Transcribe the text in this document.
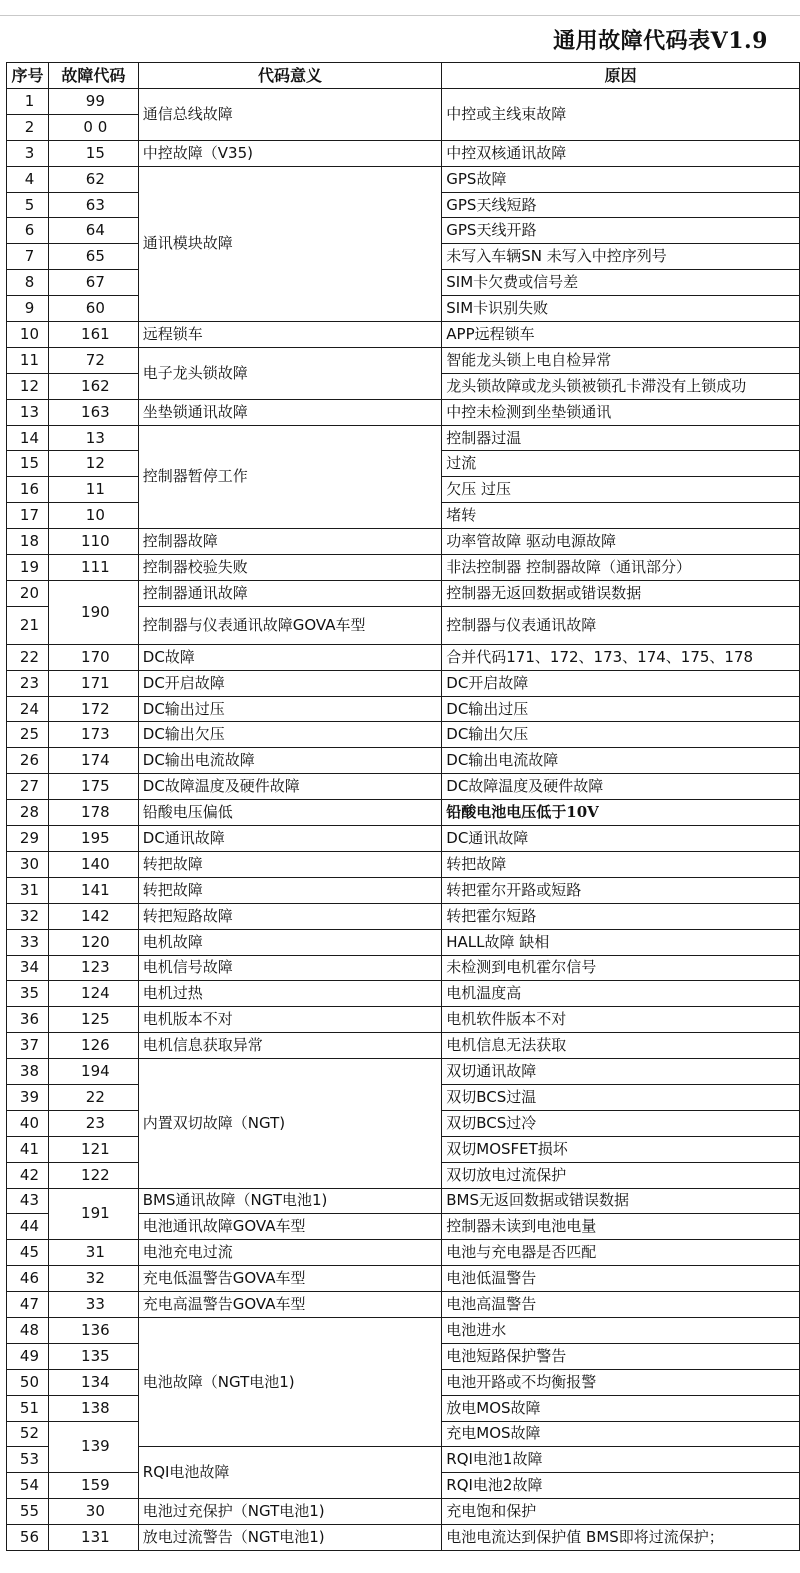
通用故障代码表V1.9
序号	故障代码	代码意义	原因
1	99	通信总线故障	中控或主线束故障
2	0 0		
3	15	中控故障（V35)	中控双核通讯故障
4	62	通讯模块故障	GPS故障
5	63		GPS天线短路
6	64		GPS天线开路
7	65		未写入车辆SN 未写入中控序列号
8	67		SIM卡欠费或信号差
9	60		SIM卡识别失败
10	161	远程锁车	APP远程锁车
11	72	电子龙头锁故障	智能龙头锁上电自检异常
12	162		龙头锁故障或龙头锁被锁孔卡滞没有上锁成功
13	163	坐垫锁通讯故障	中控未检测到坐垫锁通讯
14	13	控制器暂停工作	控制器过温
15	12		过流
16	11		欠压 过压
17	10		堵转
18	110	控制器故障	功率管故障 驱动电源故障
19	111	控制器校验失败	非法控制器 控制器故障（通讯部分）
20	190	控制器通讯故障	控制器无返回数据或错误数据
21		控制器与仪表通讯故障GOVA车型	控制器与仪表通讯故障
22	170	DC故障	合并代码171、172、173、174、175、178
23	171	DC开启故障	DC开启故障
24	172	DC输出过压	DC输出过压
25	173	DC输出欠压	DC输出欠压
26	174	DC输出电流故障	DC输出电流故障
27	175	DC故障温度及硬件故障	DC故障温度及硬件故障
28	178	铅酸电压偏低	铅酸电池电压低于10V
29	195	DC通讯故障	DC通讯故障
30	140	转把故障	转把故障
31	141	转把故障	转把霍尔开路或短路
32	142	转把短路故障	转把霍尔短路
33	120	电机故障	HALL故障 缺相
34	123	电机信号故障	未检测到电机霍尔信号
35	124	电机过热	电机温度高
36	125	电机版本不对	电机软件版本不对
37	126	电机信息获取异常	电机信息无法获取
38	194	内置双切故障（NGT)	双切通讯故障
39	22		双切BCS过温
40	23		双切BCS过冷
41	121		双切MOSFET损坏
42	122		双切放电过流保护
43	191	BMS通讯故障（NGT电池1)	BMS无返回数据或错误数据
44		电池通讯故障GOVA车型	控制器未读到电池电量
45	31	电池充电过流	电池与充电器是否匹配
46	32	充电低温警告GOVA车型	电池低温警告
47	33	充电高温警告GOVA车型	电池高温警告
48	136	电池故障（NGT电池1)	电池进水
49	135		电池短路保护警告
50	134		电池开路或不均衡报警
51	138		放电MOS故障
52	139		充电MOS故障
53		RQI电池故障	RQI电池1故障
54	159		RQI电池2故障
55	30	电池过充保护（NGT电池1)	充电饱和保护
56	131	放电过流警告（NGT电池1)	电池电流达到保护值 BMS即将过流保护；
